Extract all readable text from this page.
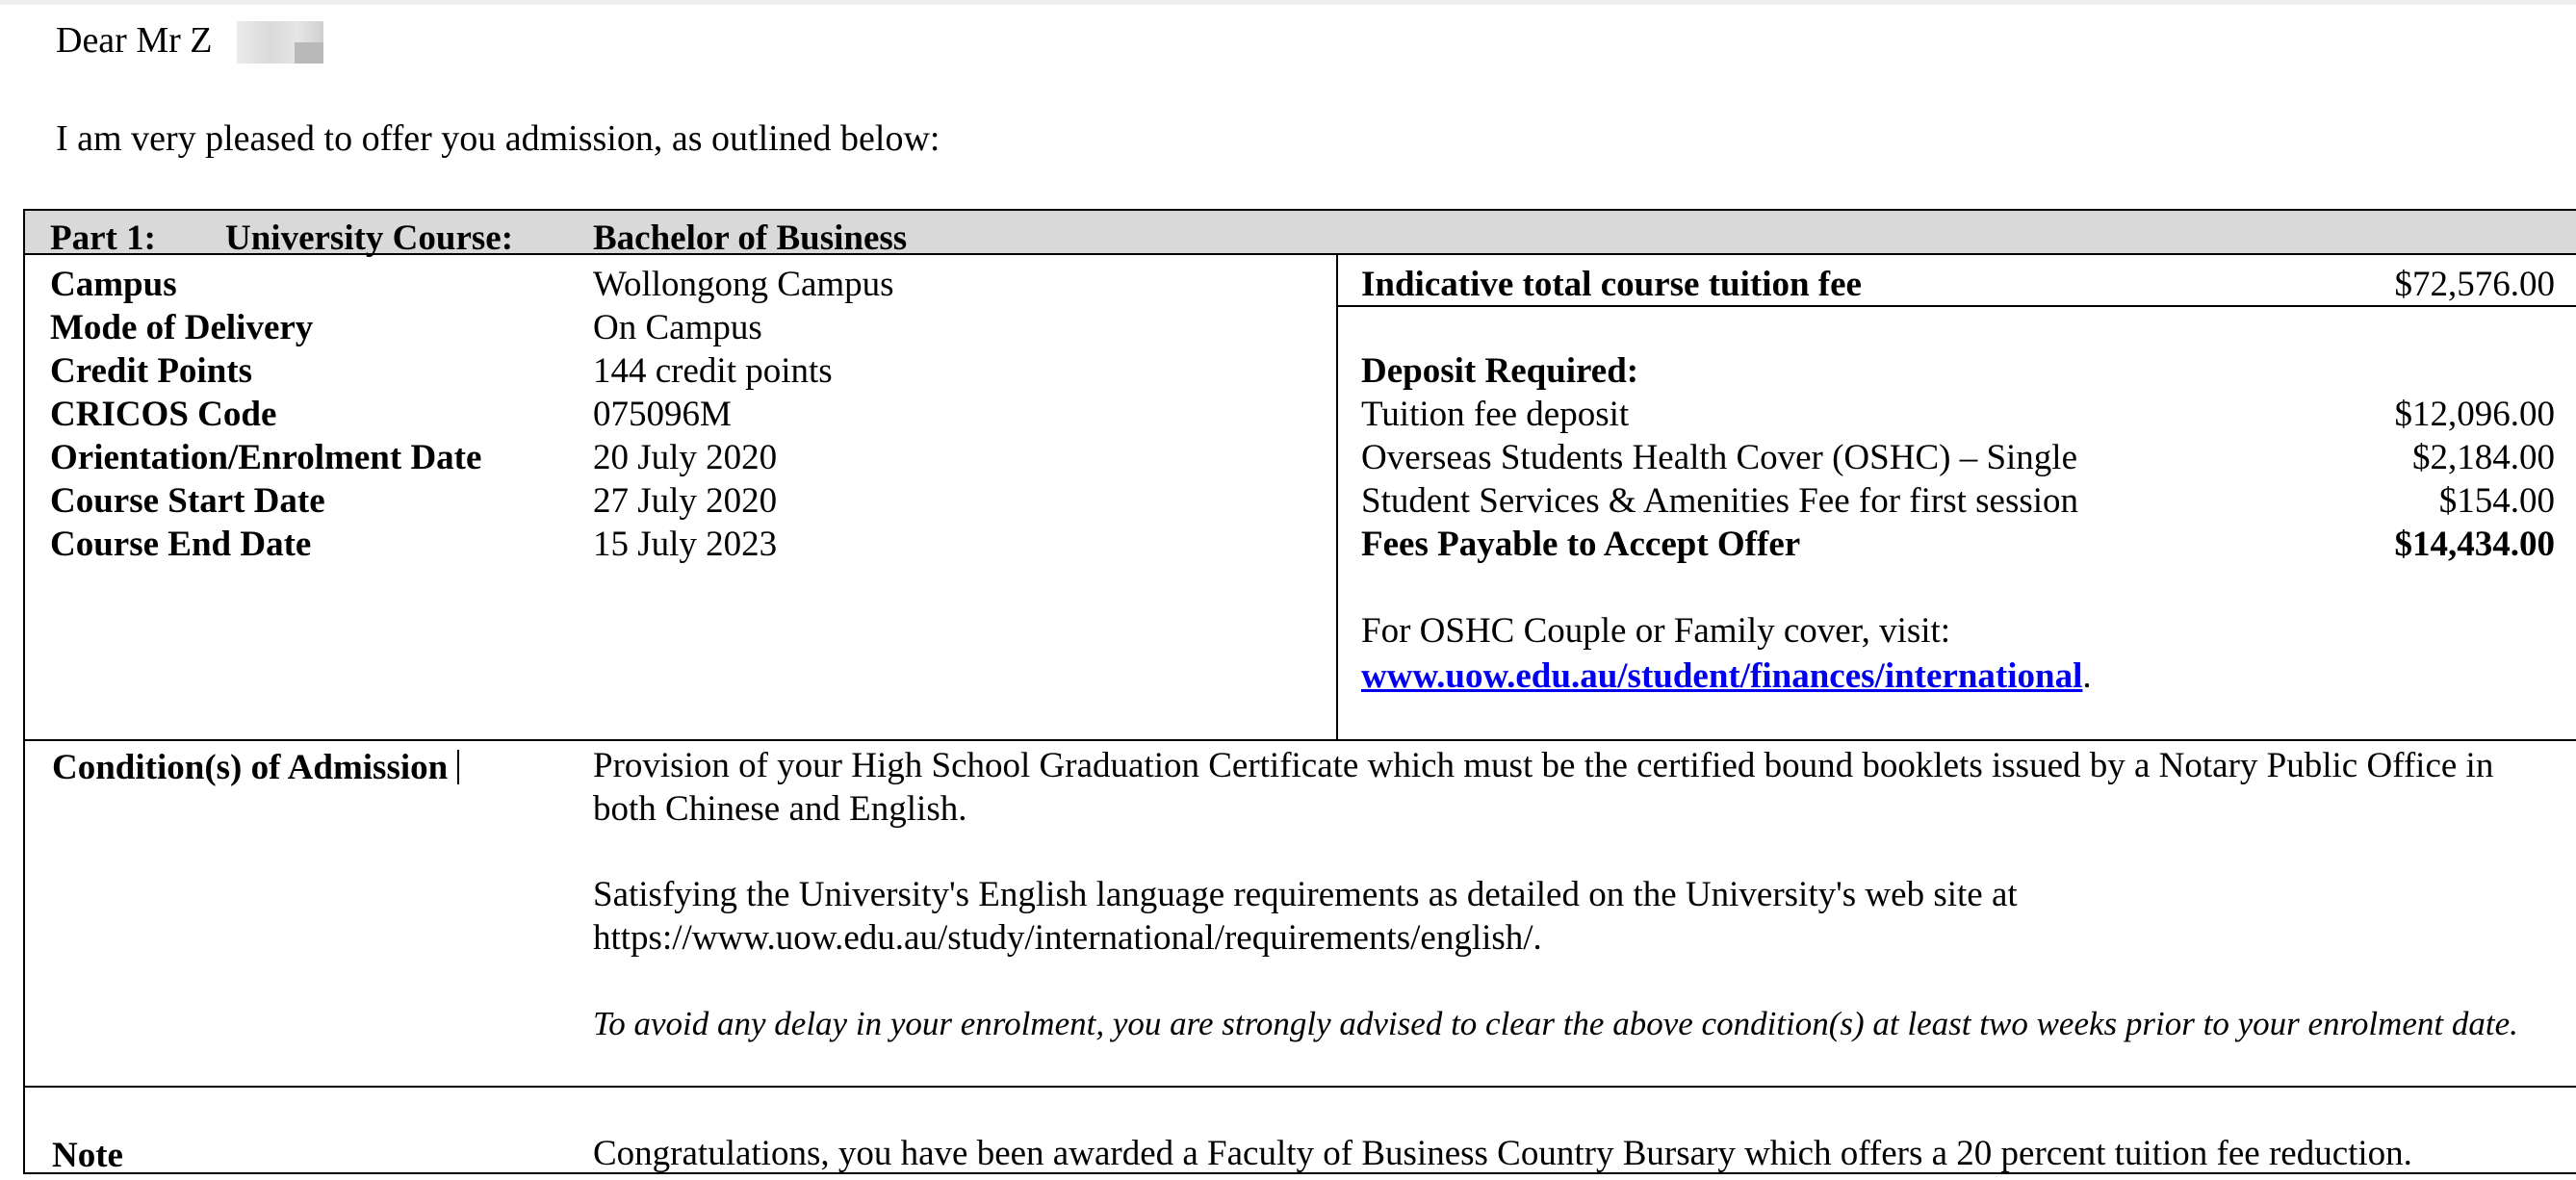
Dear Mr Z
I am very pleased to offer you admission, as outlined below:
Part 1: University Course: Bachelor of Business
Campus	Wollongong Campus
Mode of Delivery	On Campus
Credit Points	144 credit points
CRICOS Code	075096M
Orientation/Enrolment Date	20 July 2020
Course Start Date	27 July 2020
Course End Date	15 July 2023
Indicative total course tuition fee	$72,576.00
Deposit Required:
Tuition fee deposit	$12,096.00
Overseas Students Health Cover (OSHC) – Single	$2,184.00
Student Services & Amenities Fee for first session	$154.00
Fees Payable to Accept Offer	$14,434.00
For OSHC Couple or Family cover, visit:
www.uow.edu.au/student/finances/international.
Condition(s) of Admission	Provision of your High School Graduation Certificate which must be the certified bound booklets issued by a Notary Public Office in both Chinese and English.
Satisfying the University's English language requirements as detailed on the University's web site at https://www.uow.edu.au/study/international/requirements/english/.
To avoid any delay in your enrolment, you are strongly advised to clear the above condition(s) at least two weeks prior to your enrolment date.
Note	Congratulations, you have been awarded a Faculty of Business Country Bursary which offers a 20 percent tuition fee reduction.
